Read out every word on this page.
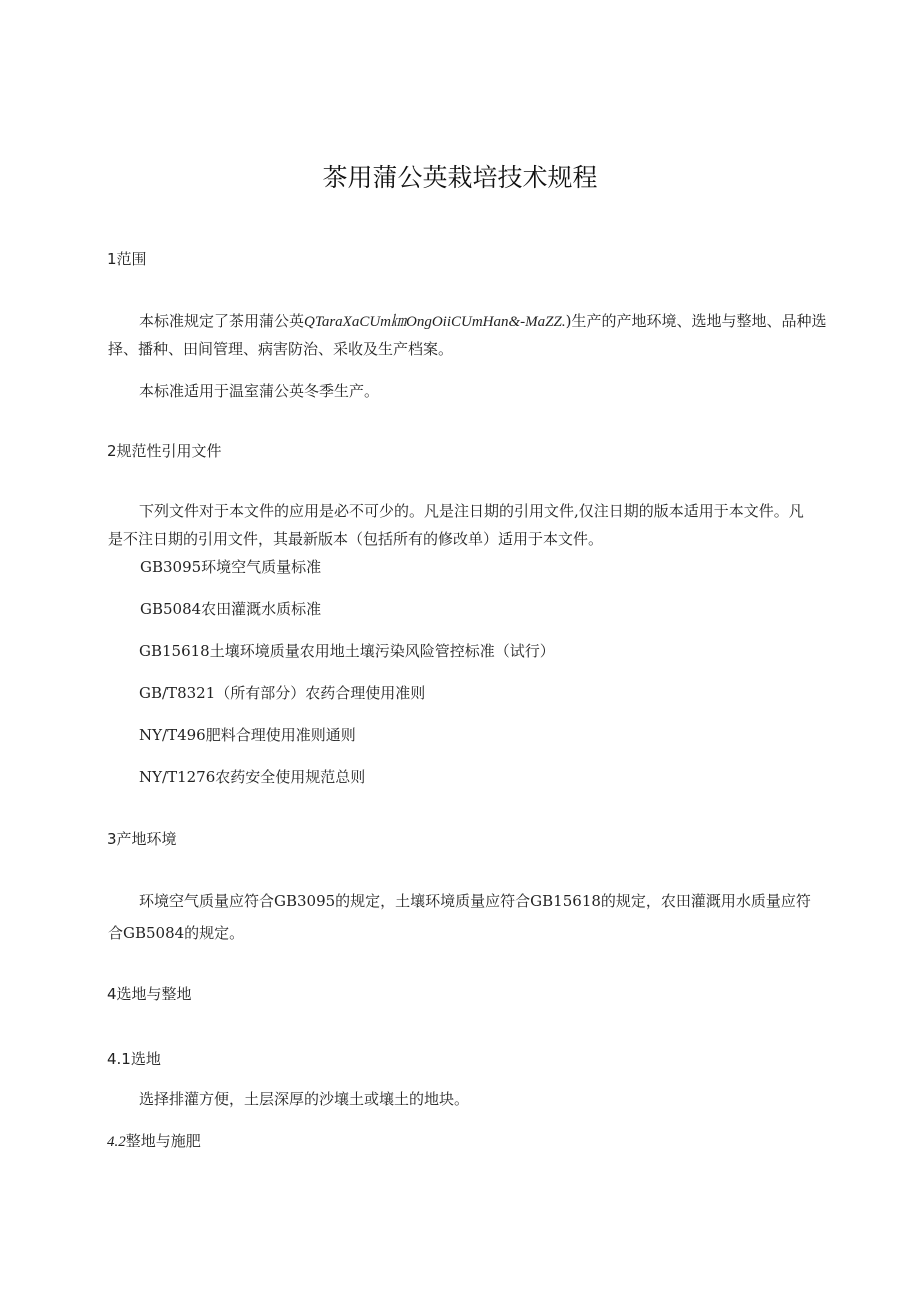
茶用蒲公英栽培技术规程
1范围
本标准规定了茶用蒲公英QTaraXaCUm㎞OngOiiCUmHan&-MaZZ.)生产的产地环境、选地与整地、品种选
择、播种、田间管理、病害防治、采收及生产档案。
本标准适用于温室蒲公英冬季生产。
2规范性引用文件
下列文件对于本文件的应用是必不可少的。凡是注日期的引用文件,仅注日期的版本适用于本文件。凡
是不注日期的引用文件，其最新版本（包括所有的修改单）适用于本文件。
GB3095环境空气质量标准
GB5084农田灌溉水质标准
GB15618土壤环境质量农用地土壤污染风险管控标准（试行）
GB/T8321（所有部分）农药合理使用准则
NY/T496肥料合理使用准则通则
NY/T1276农药安全使用规范总则
3产地环境
环境空气质量应符合GB3095的规定，土壤环境质量应符合GB15618的规定，农田灌溉用水质量应符
合GB5084的规定。
4选地与整地
4.1选地
选择排灌方便，土层深厚的沙壤土或壤土的地块。
4.2整地与施肥
